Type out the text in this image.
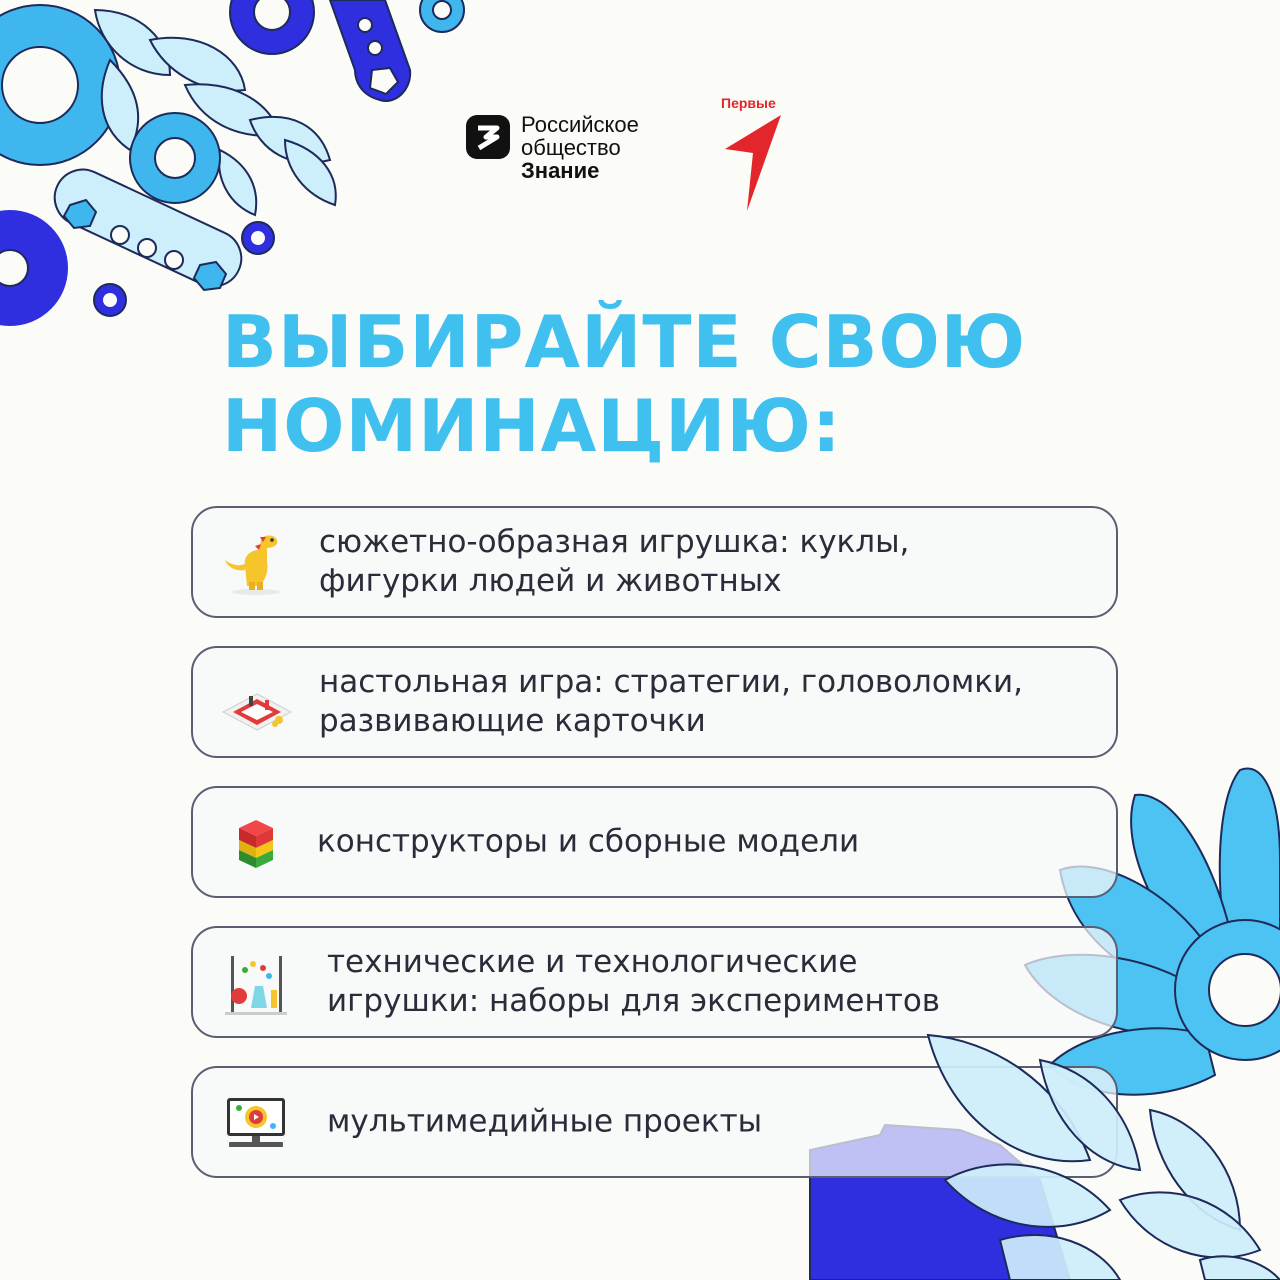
Российское
общество
Знание
Первые
ВЫБИРАЙТЕ СВОЮ
НОМИНАЦИЮ:
сюжетно-образная игрушка: куклы,
фигурки людей и животных
настольная игра: стратегии, головоломки,
развивающие карточки
конструкторы и сборные модели
технические и технологические
игрушки: наборы для экспериментов
мультимедийные проекты
